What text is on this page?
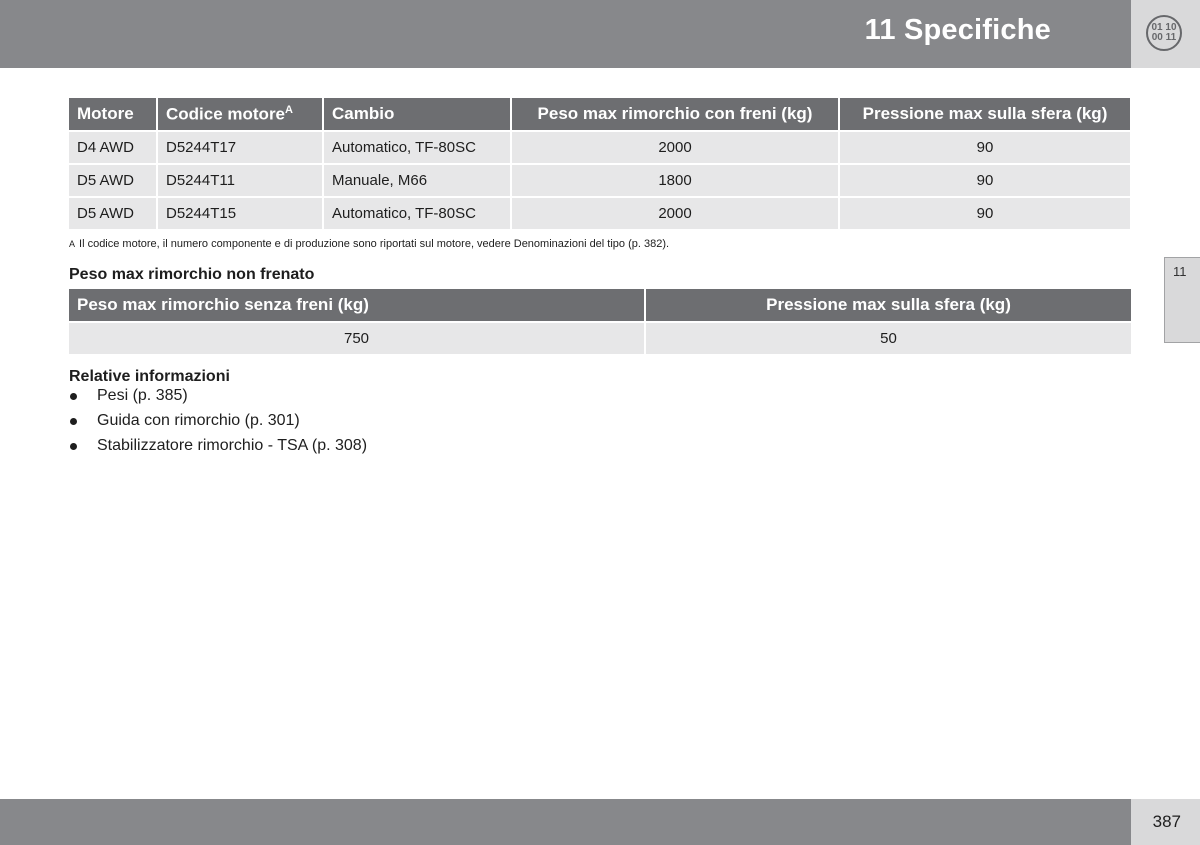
11 Specifiche	01 10
00 11
11
Motore	Codice motore$^A$	Cambio	Peso max rimorchio con freni (kg)	Pressione max sulla sfera (kg)
D4 AWD	D5244T17	Automatico, TF-80SC	2000	90
D5 AWD	D5244T11	Manuale, M66	1800	90
D5 AWD	D5244T15	Automatico, TF-80SC	2000	90
A Il codice motore, il numero componente e di produzione sono riportati sul motore, vedere Denominazioni del tipo (p. 382).
Peso max rimorchio non frenato
Peso max rimorchio senza freni (kg)	Pressione max sulla sfera (kg)
750	50
Relative informazioni
Pesi (p. 385)
Guida con rimorchio (p. 301)
Stabilizzatore rimorchio - TSA (p. 308)
387
